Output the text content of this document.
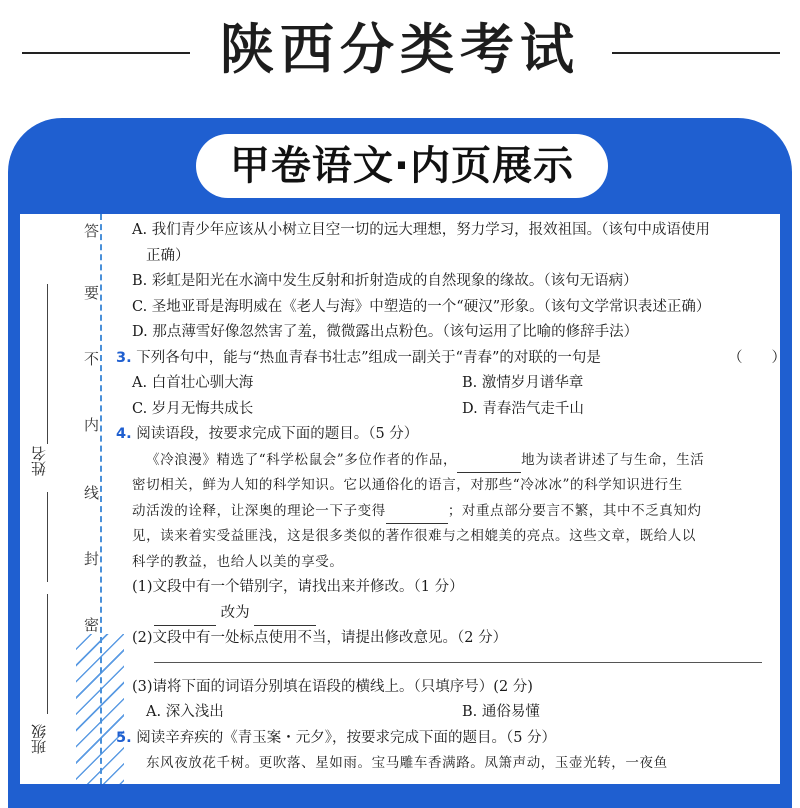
陕西分类考试
甲卷语文·内页展示
姓名
班级
答
要
不
内
线
封
密
A. 我们青少年应该从小树立目空一切的远大理想，努力学习，报效祖国。（该句中成语使用
正确）
B. 彩虹是阳光在水滴中发生反射和折射造成的自然现象的缘故。（该句无语病）
C. 圣地亚哥是海明威在《老人与海》中塑造的一个“硬汉”形象。（该句文学常识表述正确）
D. 那点薄雪好像忽然害了羞，微微露出点粉色。（该句运用了比喻的修辞手法）
3. 下列各句中，能与“热血青春书壮志”组成一副关于“青春”的对联的一句是	（　　）
A. 白首壮心驯大海	B. 激情岁月谱华章
C. 岁月无悔共成长	D. 青春浩气走千山
4. 阅读语段，按要求完成下面的题目。（5 分）
《冷浪漫》精选了“科学松鼠会”多位作者的作品，	地为读者讲述了与生命，生活
密切相关，鲜为人知的科学知识。它以通俗化的语言，对那些“冷冰冰”的科学知识进行生
动活泼的诠释，让深奥的理论一下子变得	；对重点部分要言不繁，其中不乏真知灼
见，读来着实受益匪浅，这是很多类似的著作很难与之相媲美的亮点。这些文章，既给人以
科学的教益，也给人以美的享受。
(1)文段中有一个错别字，请找出来并修改。（1 分）
改为
(2)文段中有一处标点使用不当，请提出修改意见。（2 分）
(3)请将下面的词语分别填在语段的横线上。（只填序号）(2 分)
A. 深入浅出	B. 通俗易懂
5. 阅读辛弃疾的《青玉案・元夕》，按要求完成下面的题目。（5 分）
东风夜放花千树。更吹落、星如雨。宝马雕车香满路。凤箫声动，玉壶光转，一夜鱼
